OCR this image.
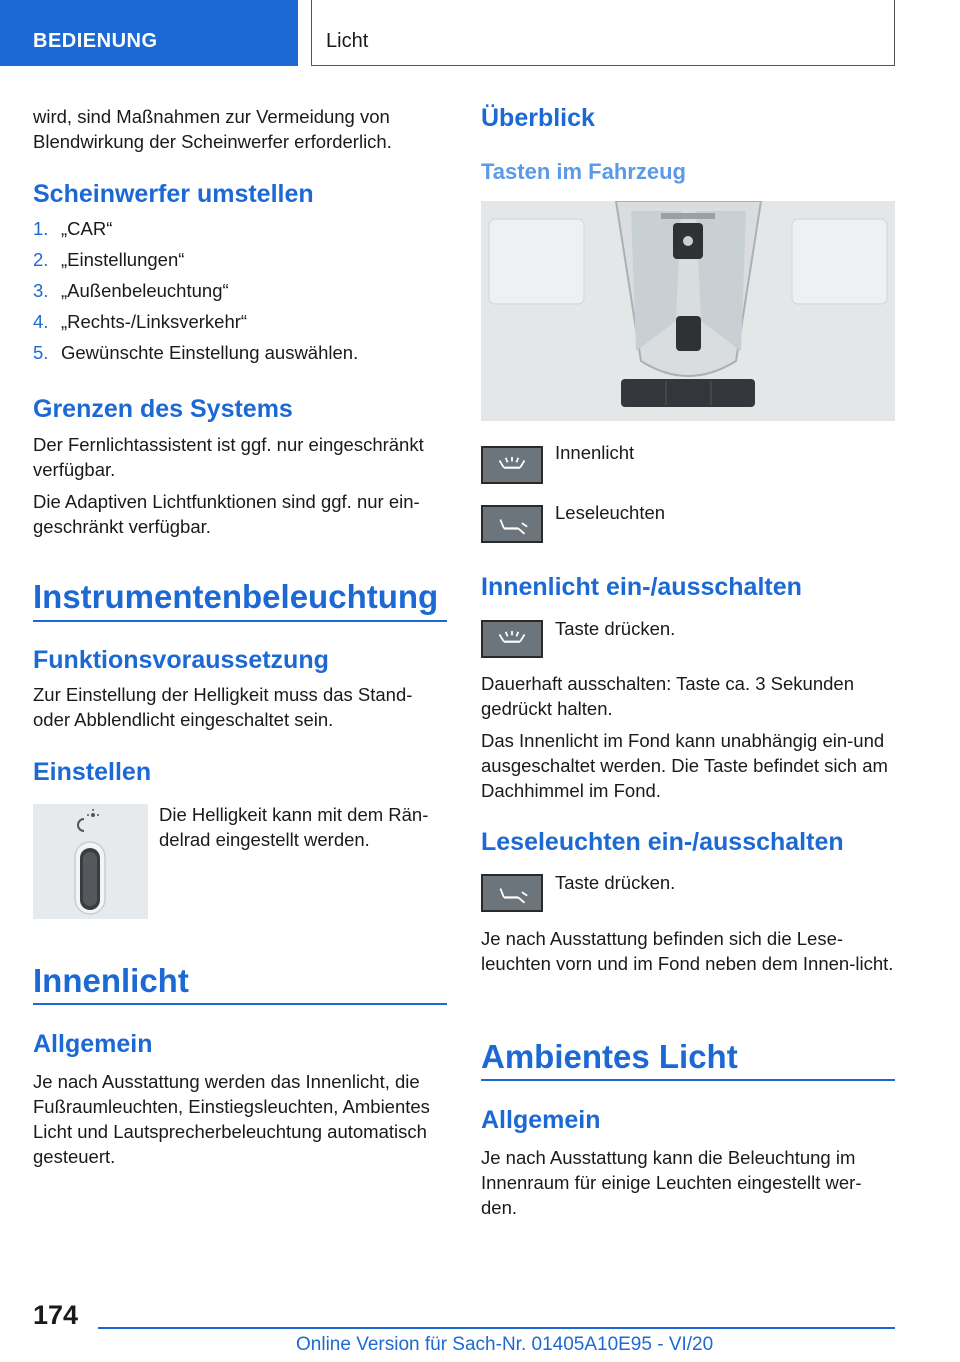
BEDIENUNG	Licht
wird, sind Maßnahmen zur Vermeidung von Blendwirkung der Scheinwerfer erforderlich.
Scheinwerfer umstellen
1. „CAR“
2. „Einstellungen“
3. „Außenbeleuchtung“
4. „Rechts-/Linksverkehr“
5. Gewünschte Einstellung auswählen.
Grenzen des Systems
Der Fernlichtassistent ist ggf. nur eingeschränkt verfügbar.
Die Adaptiven Lichtfunktionen sind ggf. nur ein‐geschränkt verfügbar.
Instrumentenbeleuchtung
Funktionsvoraussetzung
Zur Einstellung der Helligkeit muss das Stand‐oder Abblendlicht eingeschaltet sein.
Einstellen
Die Helligkeit kann mit dem Rän‐delrad eingestellt werden.
Innenlicht
Allgemein
Je nach Ausstattung werden das Innenlicht, die Fußraumleuchten, Einstiegsleuchten, Ambientes Licht und Lautsprecherbeleuchtung automatisch gesteuert.
Überblick
Tasten im Fahrzeug
Innenlicht
Leseleuchten
Innenlicht ein-/ausschalten
Taste drücken.
Dauerhaft ausschalten: Taste ca. 3 Sekunden gedrückt halten.
Das Innenlicht im Fond kann unabhängig ein‐und ausgeschaltet werden. Die Taste befindet sich am Dachhimmel im Fond.
Leseleuchten ein-/ausschalten
Taste drücken.
Je nach Ausstattung befinden sich die Lese‐leuchten vorn und im Fond neben dem Innen‐licht.
Ambientes Licht
Allgemein
Je nach Ausstattung kann die Beleuchtung im Innenraum für einige Leuchten eingestellt wer‐den.
174
Online Version für Sach-Nr. 01405A10E95 - VI/20
